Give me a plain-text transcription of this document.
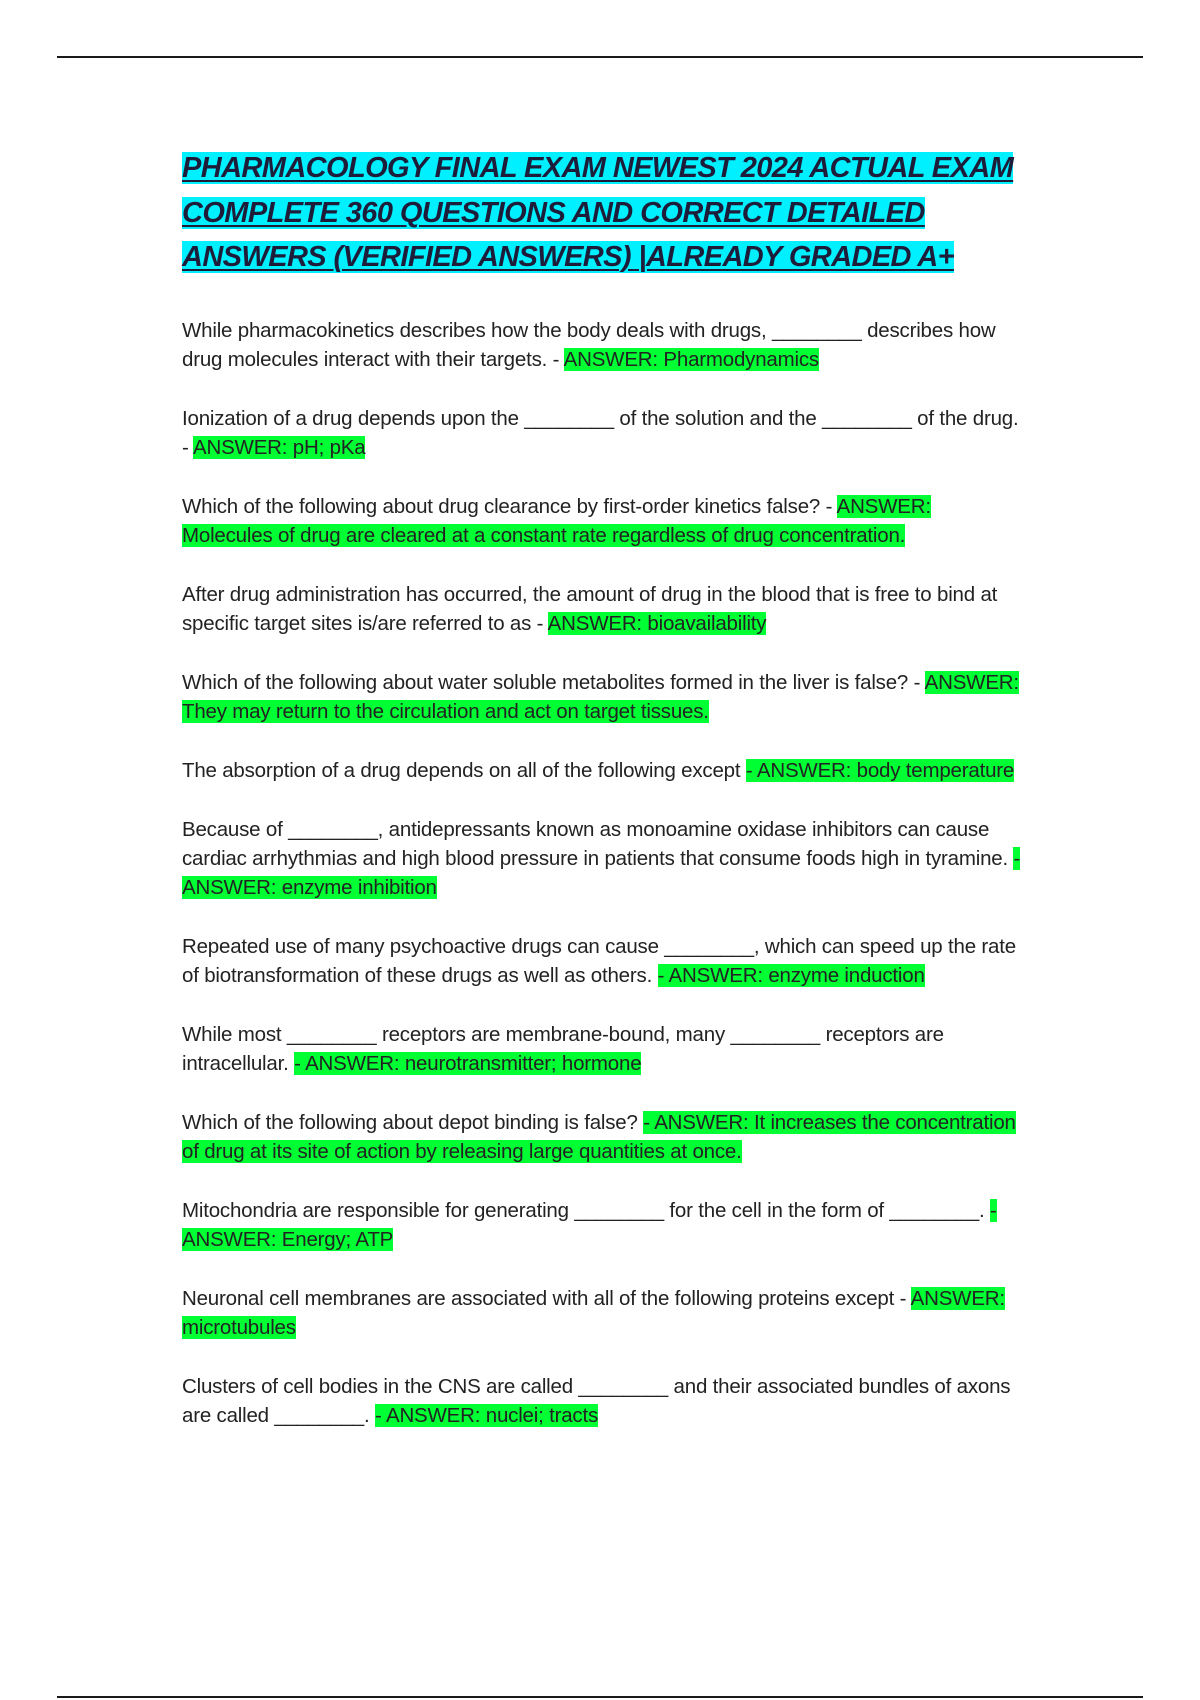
PHARMACOLOGY FINAL EXAM NEWEST 2024 ACTUAL EXAM COMPLETE 360 QUESTIONS AND CORRECT DETAILED ANSWERS (VERIFIED ANSWERS) |ALREADY GRADED A+

While pharmacokinetics describes how the body deals with drugs, ________ describes how drug molecules interact with their targets. - ANSWER: Pharmodynamics

Ionization of a drug depends upon the ________ of the solution and the ________ of the drug. - ANSWER: pH; pKa

Which of the following about drug clearance by first-order kinetics false? - ANSWER: Molecules of drug are cleared at a constant rate regardless of drug concentration.

After drug administration has occurred, the amount of drug in the blood that is free to bind at specific target sites is/are referred to as - ANSWER: bioavailability

Which of the following about water soluble metabolites formed in the liver is false? - ANSWER: They may return to the circulation and act on target tissues.

The absorption of a drug depends on all of the following except - ANSWER: body temperature

Because of ________, antidepressants known as monoamine oxidase inhibitors can cause cardiac arrhythmias and high blood pressure in patients that consume foods high in tyramine. - ANSWER: enzyme inhibition

Repeated use of many psychoactive drugs can cause ________, which can speed up the rate of biotransformation of these drugs as well as others. - ANSWER: enzyme induction

While most ________ receptors are membrane-bound, many ________ receptors are intracellular. - ANSWER: neurotransmitter; hormone

Which of the following about depot binding is false? - ANSWER: It increases the concentration of drug at its site of action by releasing large quantities at once.

Mitochondria are responsible for generating ________ for the cell in the form of ________. - ANSWER: Energy; ATP

Neuronal cell membranes are associated with all of the following proteins except - ANSWER: microtubules

Clusters of cell bodies in the CNS are called ________ and their associated bundles of axons are called ________. - ANSWER: nuclei; tracts
